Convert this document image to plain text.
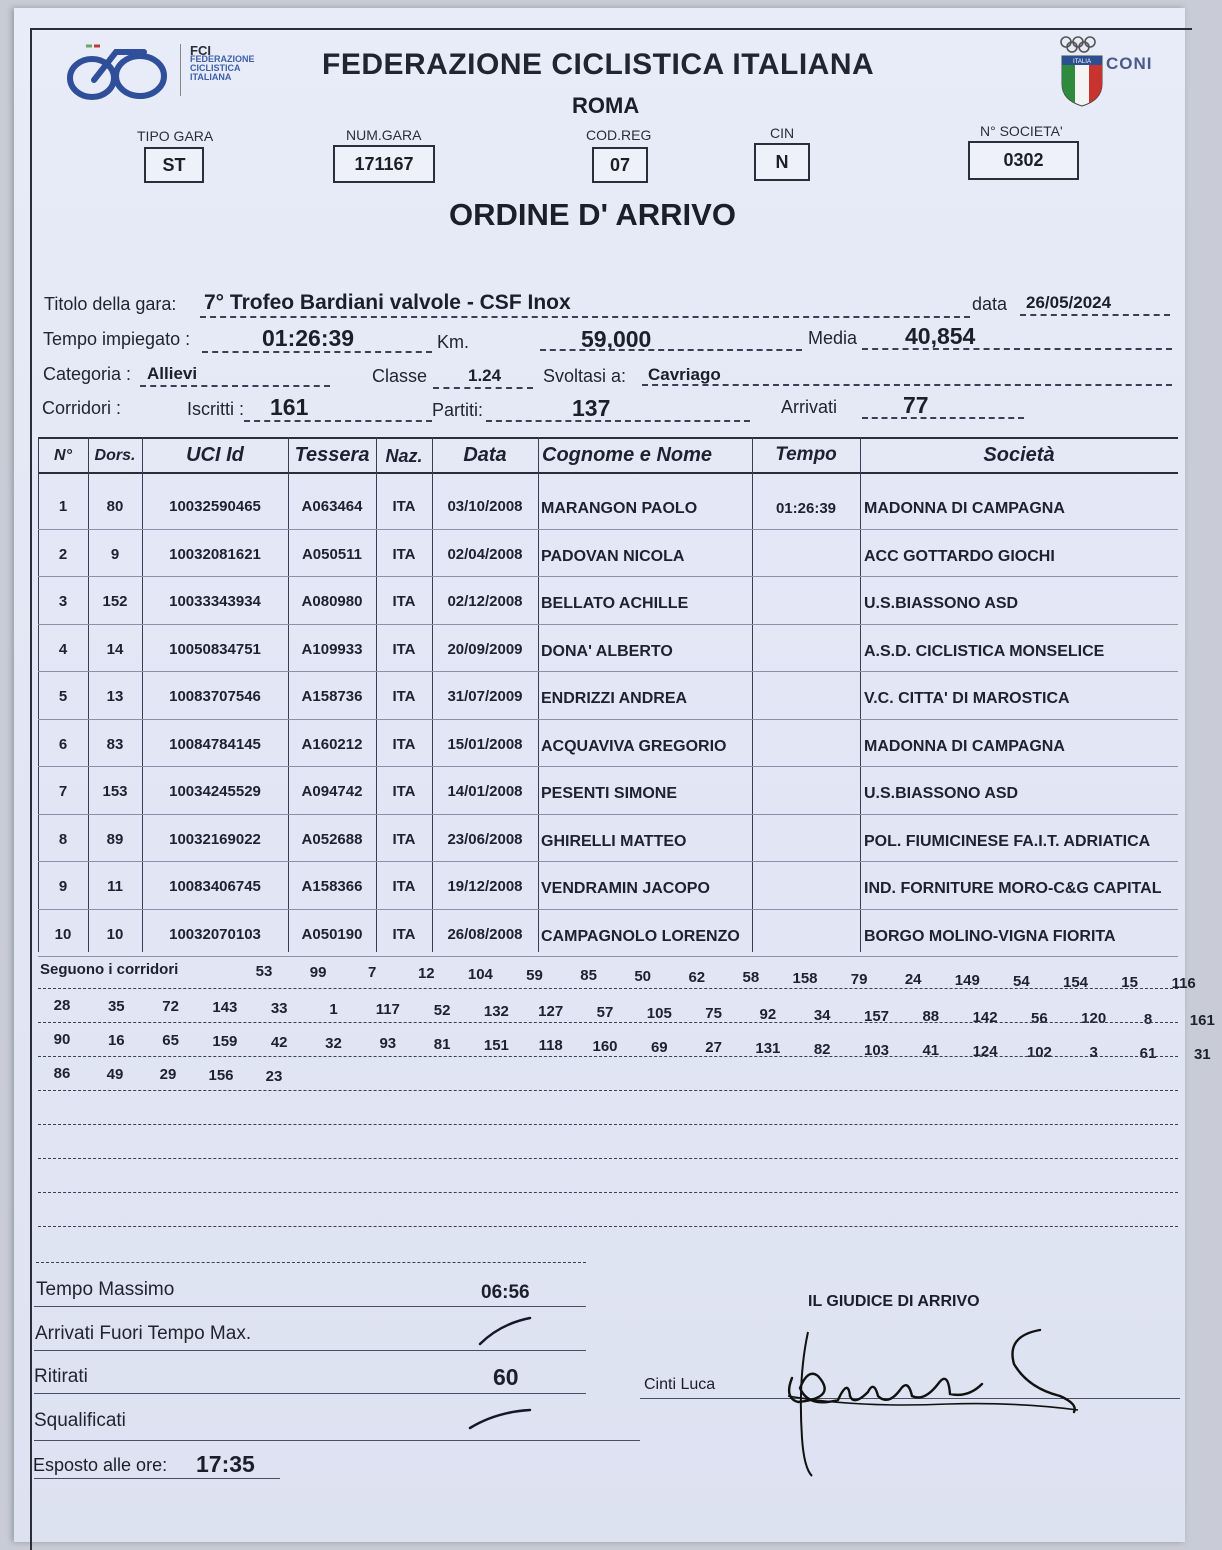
FCI
FEDERAZIONE
CICLISTICA
ITALIANA	FEDERAZIONE CICLISTICA ITALIANA
ROMA
ITALIA CONI
TIPO GARA
ST
NUM.GARA
171167
COD.REG
07
CIN
N
N° SOCIETA'
0302
ORDINE D' ARRIVO
Titolo della gara: 7° Trofeo Bardiani valvole - CSF Inox	data 26/05/2024
Tempo impiegato :	01:26:39	Km.	59,000	Media 40,854
Categoria : Allievi	Classe 1.24 Svoltasi a: Cavriago
Corridori :	Iscritti : 161	Partiti:	137	Arrivati	77
N°	Dors.	UCI Id	Tessera Naz.	Data	Cognome e Nome	Tempo	Società
1	80	10032590465	A063464	ITA	03/10/2008	MARANGON PAOLO	01:26:39	MADONNA DI CAMPAGNA
2	9	10032081621	A050511	ITA	02/04/2008	PADOVAN NICOLA	ACC GOTTARDO GIOCHI
3	152	10033343934	A080980	ITA	02/12/2008	BELLATO ACHILLE	U.S.BIASSONO ASD
4	14	10050834751	A109933	ITA	20/09/2009	DONA' ALBERTO	A.S.D. CICLISTICA MONSELICE
5	13	10083707546	A158736	ITA	31/07/2009	ENDRIZZI ANDREA	V.C. CITTA' DI MAROSTICA
6	83	10084784145	A160212	ITA	15/01/2008	ACQUAVIVA GREGORIO	MADONNA DI CAMPAGNA
7	153	10034245529	A094742	ITA	14/01/2008	PESENTI SIMONE	U.S.BIASSONO ASD
8	89	10032169022	A052688	ITA	23/06/2008	GHIRELLI MATTEO	POL. FIUMICINESE FA.I.T. ADRIATICA
9	11	10083406745	A158366	ITA	19/12/2008	VENDRAMIN JACOPO	IND. FORNITURE MORO-C&G CAPITAL
10	10	10032070103	A050190	ITA	26/08/2008	CAMPAGNOLO LORENZO	BORGO MOLINO-VIGNA FIORITA
Seguono i corridori	53	99	7	12	104	59	85	50	62	58	158	79	24	149	54	154	15	116
28	35	72	143	33	1	117	52	132	127	57	105	75	92	34	157	88	142	56	120	8	161
90	16	65	159	42	32	93	81	151	118	160	69	27	131	82	103	41	124	102	3	61	31
86	49	29	156	23
Tempo Massimo	06:56
Arrivati Fuori Tempo Max.
Ritirati	60
Squalificati
Esposto alle ore: 17:35
IL GIUDICE DI ARRIVO
Cinti Luca
